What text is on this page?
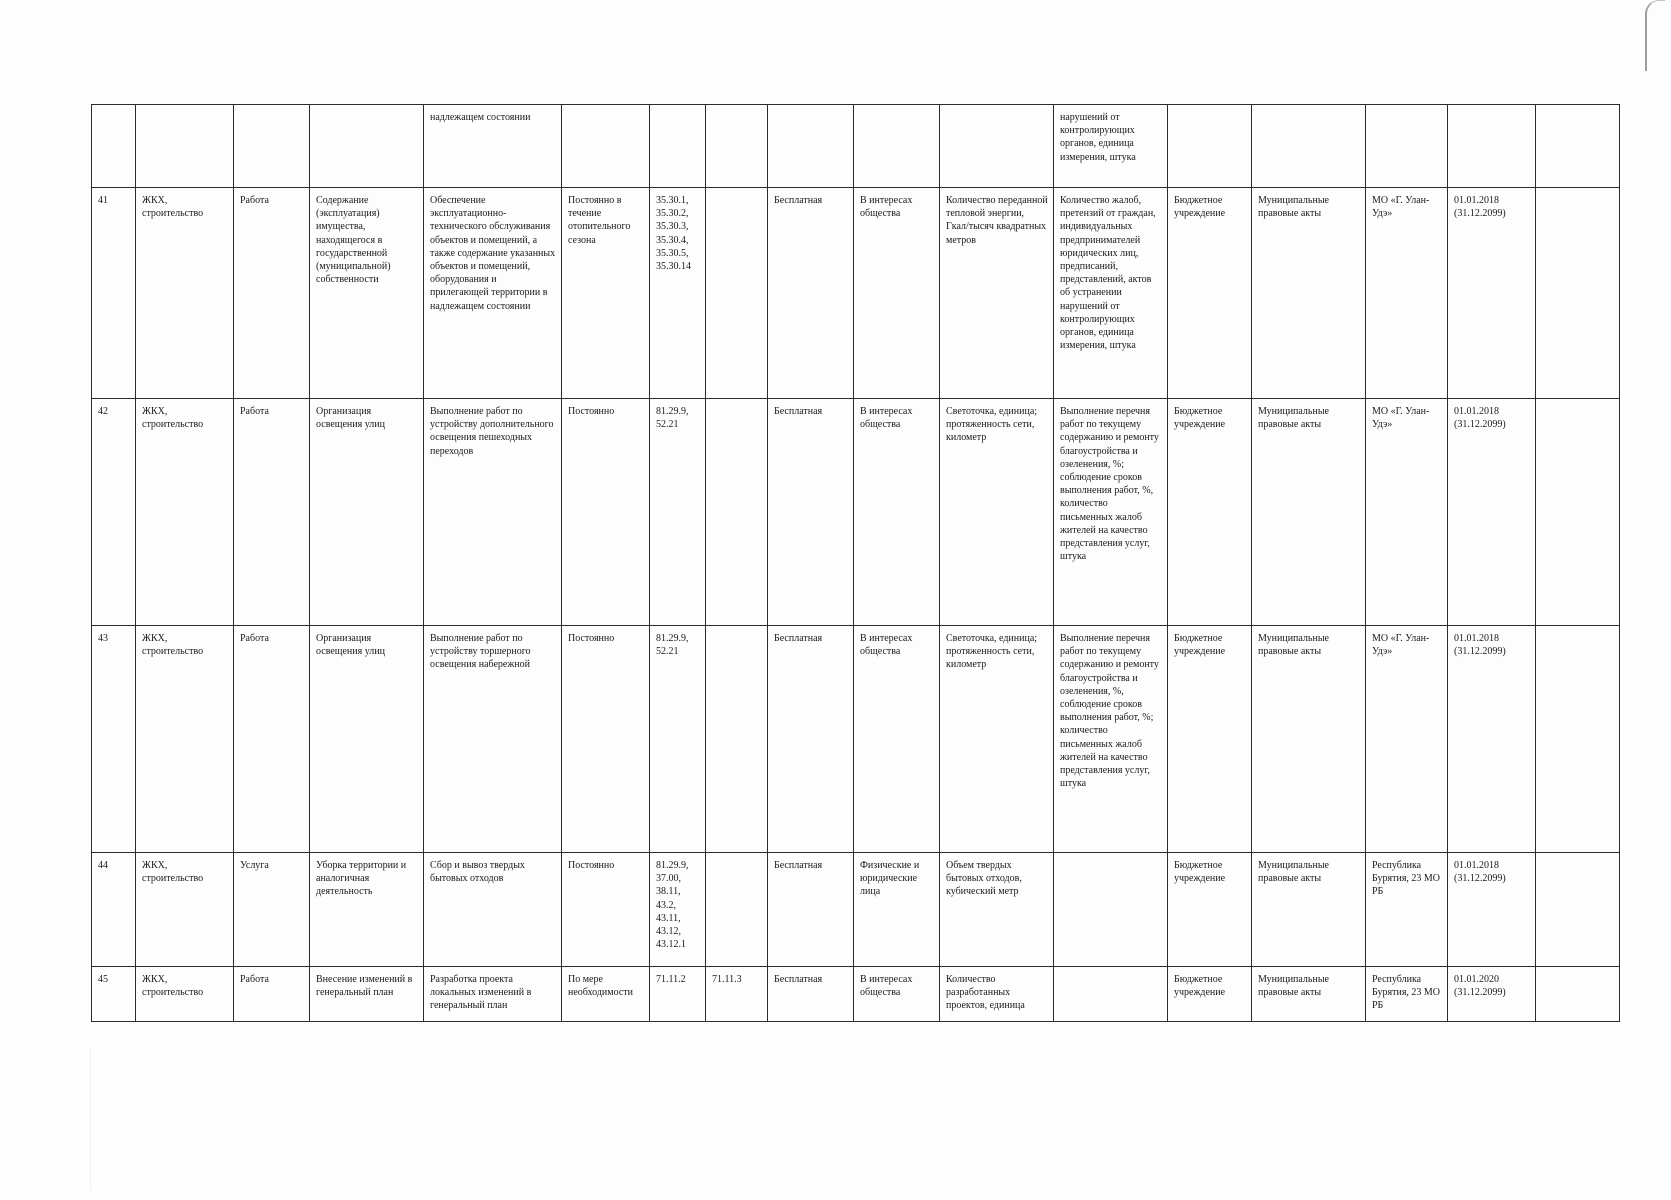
				надлежащем состоянии							нарушений от контролирующих органов, единица измерения, штука					
41	ЖКХ, строительство	Работа	Содержание (эксплуатация) имущества, находящегося в государственной (муниципальной) собственности	Обеспечение эксплуатационно-технического обслуживания объектов и помещений, а также содержание указанных объектов и помещений, оборудования и прилегающей территории в надлежащем состоянии	Постоянно в течение отопительного сезона	35.30.1, 35.30.2, 35.30.3, 35.30.4, 35.30.5, 35.30.14		Бесплатная	В интересах общества	Количество переданной тепловой энергии, Гкал/тысяч квадратных метров	Количество жалоб, претензий от граждан, индивидуальных предпринимателей юридических лиц, предписаний, представлений, актов об устранении нарушений от контролирующих органов, единица измерения, штука	Бюджетное учреждение	Муниципальные правовые акты	МО «Г. Улан-Удэ»	01.01.2018 (31.12.2099)	
42	ЖКХ, строительство	Работа	Организация освещения улиц	Выполнение работ по устройству дополнительного освещения пешеходных переходов	Постоянно	81.29.9, 52.21		Бесплатная	В интересах общества	Светоточка, единица; протяженность сети, километр	Выполнение перечня работ по текущему содержанию и ремонту благоустройства и озеленения, %; соблюдение сроков выполнения работ, %, количество письменных жалоб жителей на качество представления услуг, штука	Бюджетное учреждение	Муниципальные правовые акты	МО «Г. Улан-Удэ»	01.01.2018 (31.12.2099)	
43	ЖКХ, строительство	Работа	Организация освещения улиц	Выполнение работ по устройству торшерного освещения набережной	Постоянно	81.29.9, 52.21		Бесплатная	В интересах общества	Светоточка, единица; протяженность сети, километр	Выполнение перечня работ по текущему содержанию и ремонту благоустройства и озеленения, %, соблюдение сроков выполнения работ, %; количество письменных жалоб жителей на качество представления услуг, штука	Бюджетное учреждение	Муниципальные правовые акты	МО «Г. Улан-Удэ»	01.01.2018 (31.12.2099)	
44	ЖКХ, строительство	Услуга	Уборка территории и аналогичная деятельность	Сбор и вывоз твердых бытовых отходов	Постоянно	81.29.9, 37.00, 38.11, 43.2, 43.11, 43.12, 43.12.1		Бесплатная	Физические и юридические лица	Объем твердых бытовых отходов, кубический метр		Бюджетное учреждение	Муниципальные правовые акты	Республика Бурятия, 23 МО РБ	01.01.2018 (31.12.2099)	
45	ЖКХ, строительство	Работа	Внесение изменений в генеральный план	Разработка проекта локальных изменений в генеральный план	По мере необходимости	71.11.2	71.11.3	Бесплатная	В интересах общества	Количество разработанных проектов, единица		Бюджетное учреждение	Муниципальные правовые акты	Республика Бурятия, 23 МО РБ	01.01.2020 (31.12.2099)	
